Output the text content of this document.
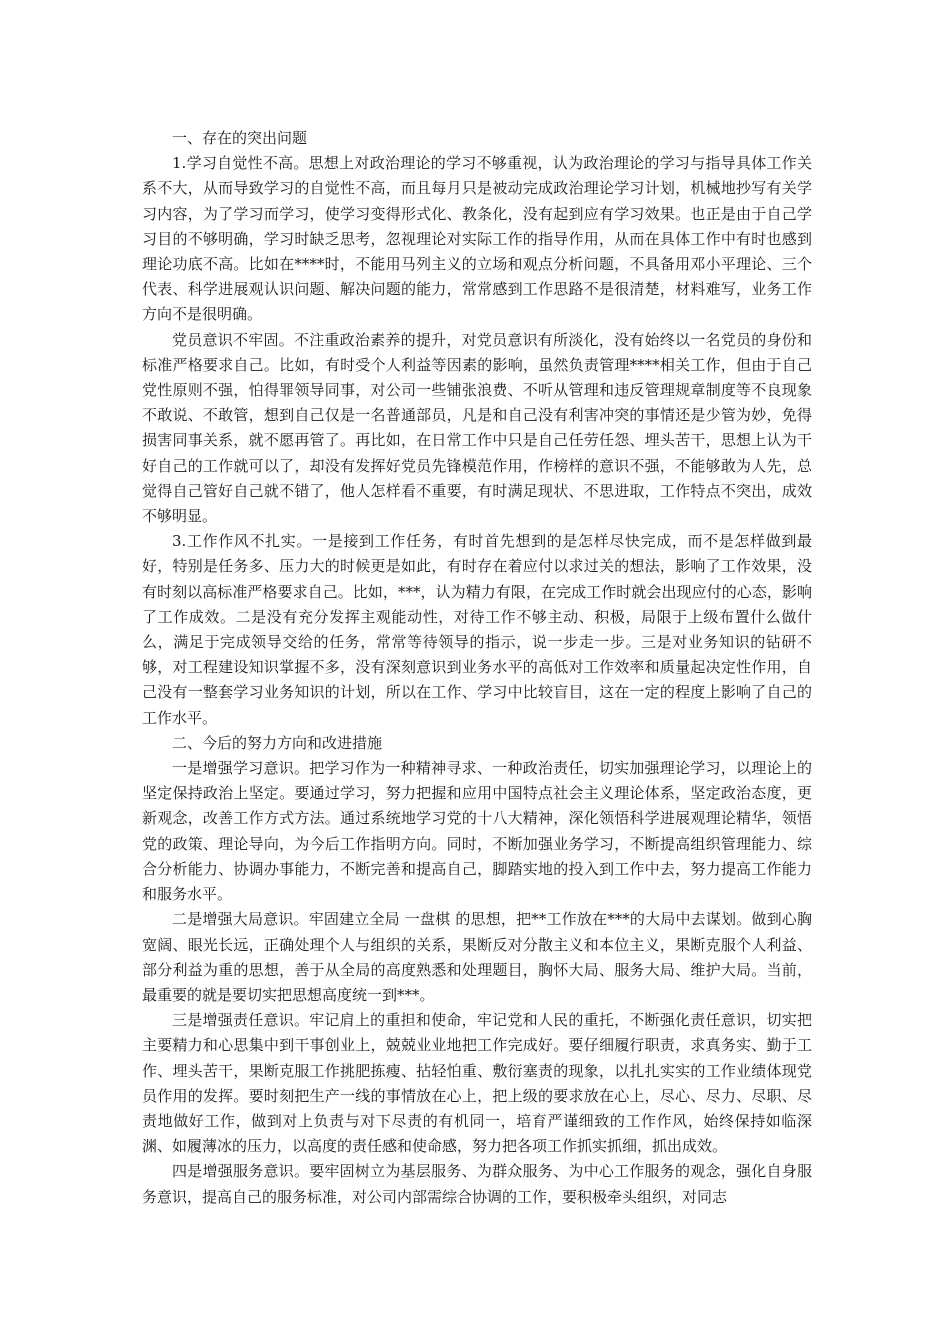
一、存在的突出问题

1.学习自觉性不高。思想上对政治理论的学习不够重视，认为政治理论的学习与指导具体工作关系不大，从而导致学习的自觉性不高，而且每月只是被动完成政治理论学习计划，机械地抄写有关学习内容，为了学习而学习，使学习变得形式化、教条化，没有起到应有学习效果。也正是由于自己学习目的不够明确，学习时缺乏思考，忽视理论对实际工作的指导作用，从而在具体工作中有时也感到理论功底不高。比如在****时，不能用马列主义的立场和观点分析问题，不具备用邓小平理论、三个代表、科学进展观认识问题、解决问题的能力，常常感到工作思路不是很清楚，材料难写，业务工作方向不是很明确。

党员意识不牢固。不注重政治素养的提升，对党员意识有所淡化，没有始终以一名党员的身份和标准严格要求自己。比如，有时受个人利益等因素的影响，虽然负责管理****相关工作，但由于自己党性原则不强，怕得罪领导同事，对公司一些铺张浪费、不听从管理和违反管理规章制度等不良现象不敢说、不敢管，想到自己仅是一名普通部员，凡是和自己没有利害冲突的事情还是少管为妙，免得损害同事关系，就不愿再管了。再比如，在日常工作中只是自己任劳任怨、埋头苦干，思想上认为干好自己的工作就可以了，却没有发挥好党员先锋模范作用，作榜样的意识不强，不能够敢为人先，总觉得自己管好自己就不错了，他人怎样看不重要，有时满足现状、不思进取，工作特点不突出，成效不够明显。

3.工作作风不扎实。一是接到工作任务，有时首先想到的是怎样尽快完成，而不是怎样做到最好，特别是任务多、压力大的时候更是如此，有时存在着应付以求过关的想法，影响了工作效果，没有时刻以高标准严格要求自己。比如，***，认为精力有限，在完成工作时就会出现应付的心态，影响了工作成效。二是没有充分发挥主观能动性，对待工作不够主动、积极，局限于上级布置什么做什么，满足于完成领导交给的任务，常常等待领导的指示，说一步走一步。三是对业务知识的钻研不够，对工程建设知识掌握不多，没有深刻意识到业务水平的高低对工作效率和质量起决定性作用，自己没有一整套学习业务知识的计划，所以在工作、学习中比较盲目，这在一定的程度上影响了自己的工作水平。

二、今后的努力方向和改进措施

一是增强学习意识。把学习作为一种精神寻求、一种政治责任，切实加强理论学习，以理论上的坚定保持政治上坚定。要通过学习，努力把握和应用中国特点社会主义理论体系，坚定政治态度，更新观念，改善工作方式方法。通过系统地学习党的十八大精神，深化领悟科学进展观理论精华，领悟党的政策、理论导向，为今后工作指明方向。同时，不断加强业务学习，不断提高组织管理能力、综合分析能力、协调办事能力，不断完善和提高自己，脚踏实地的投入到工作中去，努力提高工作能力和服务水平。

二是增强大局意识。牢固建立全局 一盘棋 的思想，把**工作放在***的大局中去谋划。做到心胸宽阔、眼光长远，正确处理个人与组织的关系，果断反对分散主义和本位主义，果断克服个人利益、部分利益为重的思想，善于从全局的高度熟悉和处理题目，胸怀大局、服务大局、维护大局。当前，最重要的就是要切实把思想高度统一到***。

三是增强责任意识。牢记肩上的重担和使命，牢记党和人民的重托，不断强化责任意识，切实把主要精力和心思集中到干事创业上，兢兢业业地把工作完成好。要仔细履行职责，求真务实、勤于工作、埋头苦干，果断克服工作挑肥拣瘦、拈轻怕重、敷衍塞责的现象，以扎扎实实的工作业绩体现党员作用的发挥。要时刻把生产一线的事情放在心上，把上级的要求放在心上，尽心、尽力、尽职、尽责地做好工作，做到对上负责与对下尽责的有机同一，培育严谨细致的工作作风，始终保持如临深渊、如履薄冰的压力，以高度的责任感和使命感，努力把各项工作抓实抓细，抓出成效。

四是增强服务意识。要牢固树立为基层服务、为群众服务、为中心工作服务的观念，强化自身服务意识，提高自己的服务标准，对公司内部需综合协调的工作，要积极牵头组织，对同志
